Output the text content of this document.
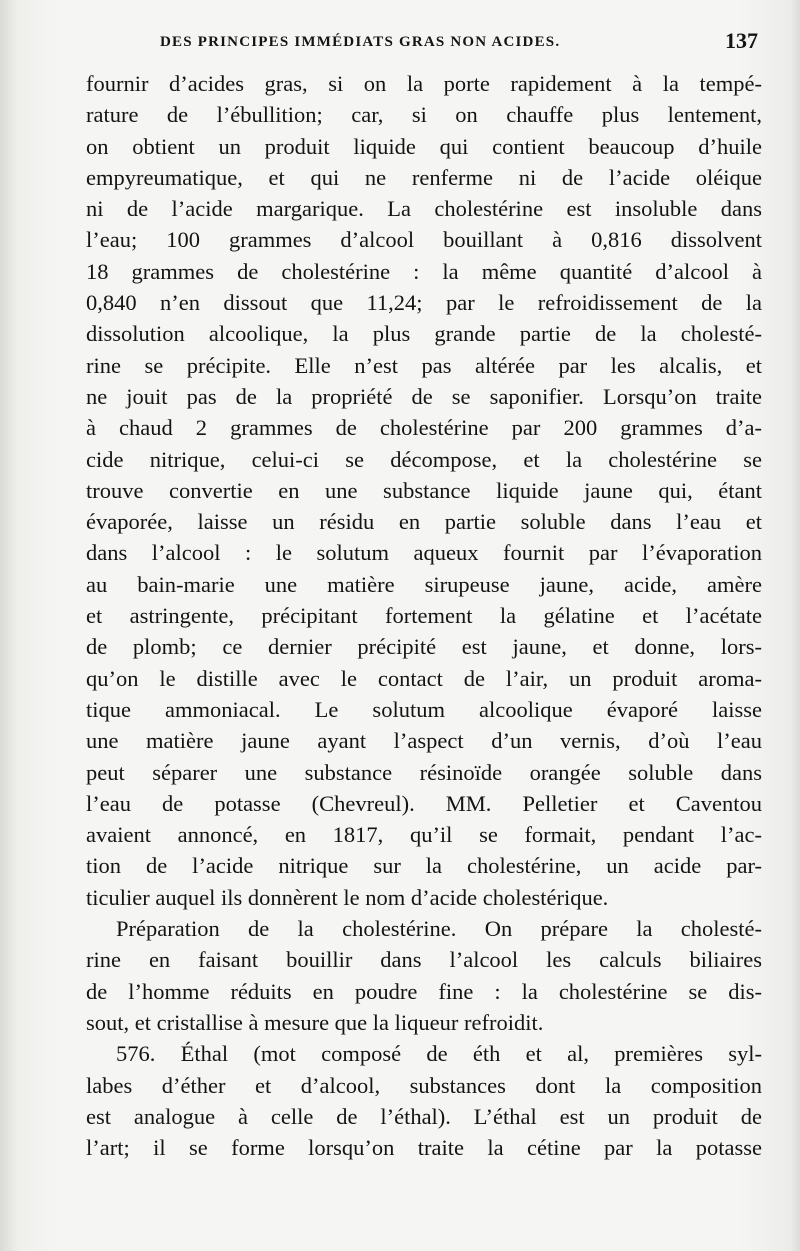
DES PRINCIPES IMMÉDIATS GRAS NON ACIDES.	137
fournir d’acides gras, si on la porte rapidement à la tempé-
rature de l’ébullition; car, si on chauffe plus lentement,
on obtient un produit liquide qui contient beaucoup d’huile
empyreumatique, et qui ne renferme ni de l’acide oléique
ni de l’acide margarique. La cholestérine est insoluble dans
l’eau; 100 grammes d’alcool bouillant à 0,816 dissolvent
18 grammes de cholestérine : la même quantité d’alcool à
0,840 n’en dissout que 11,24; par le refroidissement de la
dissolution alcoolique, la plus grande partie de la cholesté-
rine se précipite. Elle n’est pas altérée par les alcalis, et
ne jouit pas de la propriété de se saponifier. Lorsqu’on traite
à chaud 2 grammes de cholestérine par 200 grammes d’a-
cide nitrique, celui-ci se décompose, et la cholestérine se
trouve convertie en une substance liquide jaune qui, étant
évaporée, laisse un résidu en partie soluble dans l’eau et
dans l’alcool : le solutum aqueux fournit par l’évaporation
au bain-marie une matière sirupeuse jaune, acide, amère
et astringente, précipitant fortement la gélatine et l’acétate
de plomb; ce dernier précipité est jaune, et donne, lors-
qu’on le distille avec le contact de l’air, un produit aroma-
tique ammoniacal. Le solutum alcoolique évaporé laisse
une matière jaune ayant l’aspect d’un vernis, d’où l’eau
peut séparer une substance résinoïde orangée soluble dans
l’eau de potasse (Chevreul). MM. Pelletier et Caventou
avaient annoncé, en 1817, qu’il se formait, pendant l’ac-
tion de l’acide nitrique sur la cholestérine, un acide par-
ticulier auquel ils donnèrent le nom d’acide cholestérique.
Préparation de la cholestérine. On prépare la cholesté-
rine en faisant bouillir dans l’alcool les calculs biliaires
de l’homme réduits en poudre fine : la cholestérine se dis-
sout, et cristallise à mesure que la liqueur refroidit.
576. Éthal (mot composé de éth et al, premières syl-
labes d’éther et d’alcool, substances dont la composition
est analogue à celle de l’éthal). L’éthal est un produit de
l’art; il se forme lorsqu’on traite la cétine par la potasse
